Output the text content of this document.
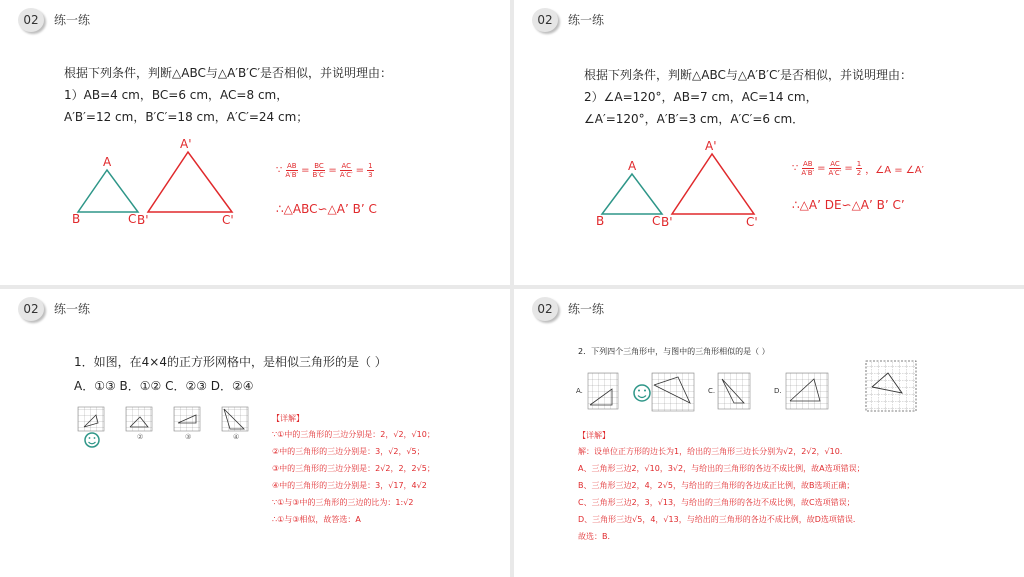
02	练一练
根据下列条件，判断△ABC与△A′B′C′是否相似，并说明理由：
1）AB=4 cm，BC=6 cm，AC=8 cm，
A′B′=12 cm，B′C′=18 cm，A′C′=24 cm；
A
B	C
A'
B'	C'
∵ $\frac{AB}{A'B'} = \frac{BC}{B'C'} = \frac{AC}{A'C'} = \frac{1}{3}$
∴△ABC∽△A’ B’ C
02	练一练
根据下列条件，判断△ABC与△A′B′C′是否相似，并说明理由：
2）∠A=120°，AB=7 cm，AC=14 cm，
∠A′=120°，A′B′=3 cm，A′C′=6 cm．
A
B	C
A'
B'	C'
∵ $\frac{AB}{A'B'} = \frac{AC}{A'C'} = \frac{1}{2}$ ，∠A = ∠A′
∴△A’ DE∽△A’ B’ C’
02	练一练
1．如图，在4×4的正方形网格中，是相似三角形的是（ ）
A．①③ B．①② C．②③ D．②④
②	③	④
【详解】
∵①中的三角形的三边分别是：2，√2，√10；
②中的三角形的三边分别是：3，√2，√5；
③中的三角形的三边分别是：2√2，2，2√5；
④中的三角形的三边分别是：3，√17，4√2
∵①与③中的三角形的三边的比为：1:√2
∴①与③相似，故答选：A
02	练一练
2．下列四个三角形中，与图中的三角形相似的是（ ）
A.	C.	D.
【详解】
解：设单位正方形的边长为1，给出的三角形三边长分别为√2，2√2，√10．
A、三角形三边2，√10，3√2，与给出的三角形的各边不成比例，故A选项错误；
B、三角形三边2，4，2√5，与给出的三角形的各边成正比例，故B选项正确；
C、三角形三边2，3，√13，与给出的三角形的各边不成比例，故C选项错误；
D、三角形三边√5，4，√13，与给出的三角形的各边不成比例，故D选项错误．
故选：B．
